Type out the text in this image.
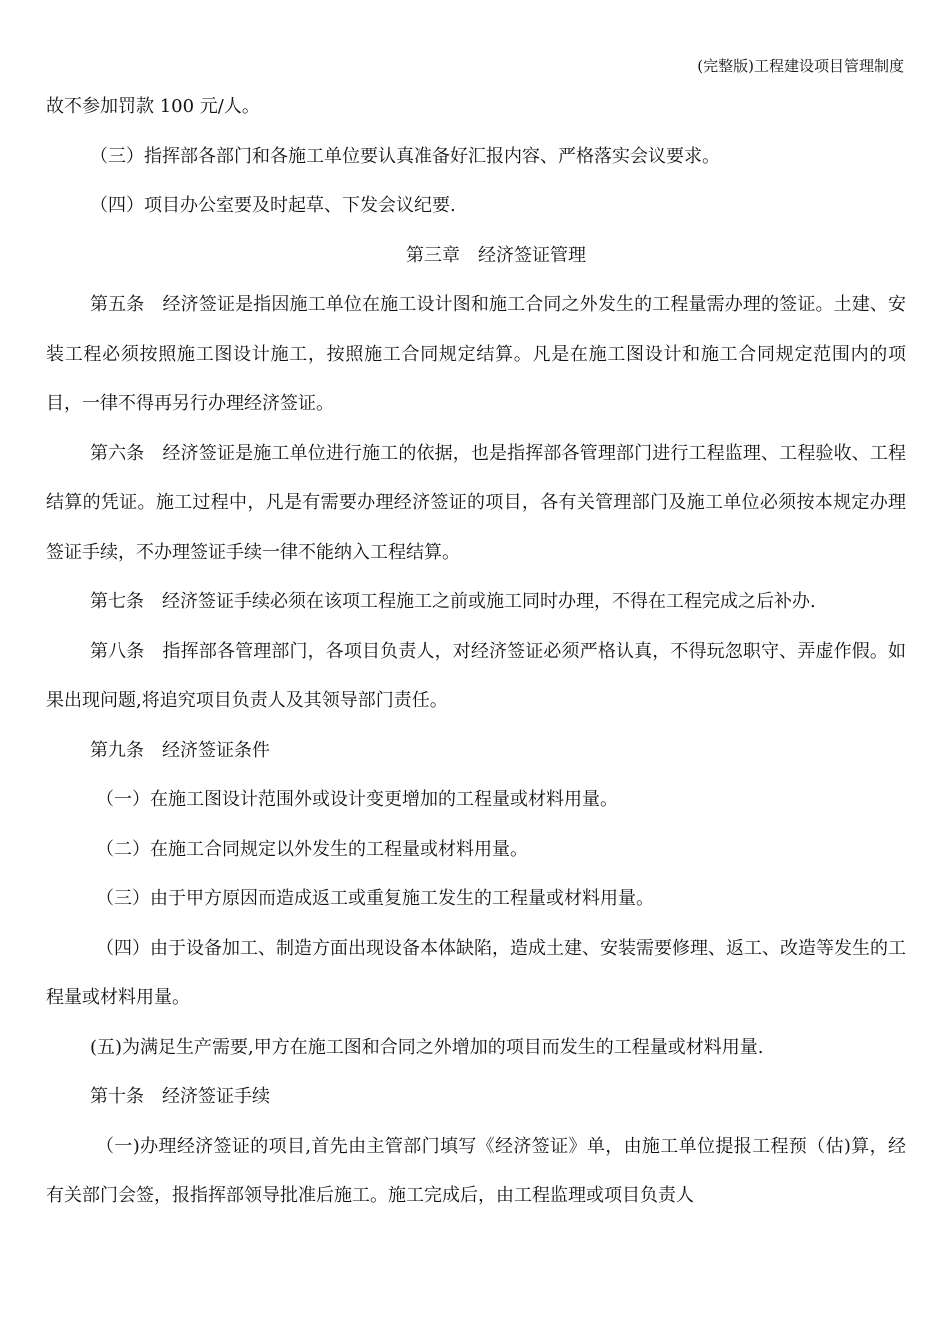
(完整版)工程建设项目管理制度

故不参加罚款 100 元/人。

（三）指挥部各部门和各施工单位要认真准备好汇报内容、严格落实会议要求。

（四）项目办公室要及时起草、下发会议纪要.

第三章　经济签证管理

第五条　经济签证是指因施工单位在施工设计图和施工合同之外发生的工程量需办理的签证。土建、安装工程必须按照施工图设计施工，按照施工合同规定结算。凡是在施工图设计和施工合同规定范围内的项目，一律不得再另行办理经济签证。

第六条　经济签证是施工单位进行施工的依据，也是指挥部各管理部门进行工程监理、工程验收、工程结算的凭证。施工过程中，凡是有需要办理经济签证的项目，各有关管理部门及施工单位必须按本规定办理签证手续，不办理签证手续一律不能纳入工程结算。

第七条　经济签证手续必须在该项工程施工之前或施工同时办理，不得在工程完成之后补办.

第八条　指挥部各管理部门，各项目负责人，对经济签证必须严格认真，不得玩忽职守、弄虚作假。如果出现问题,将追究项目负责人及其领导部门责任。

第九条　经济签证条件

（一）在施工图设计范围外或设计变更增加的工程量或材料用量。

（二）在施工合同规定以外发生的工程量或材料用量。

（三）由于甲方原因而造成返工或重复施工发生的工程量或材料用量。

（四）由于设备加工、制造方面出现设备本体缺陷，造成土建、安装需要修理、返工、改造等发生的工程量或材料用量。

(五)为满足生产需要,甲方在施工图和合同之外增加的项目而发生的工程量或材料用量.

第十条　经济签证手续

（一)办理经济签证的项目,首先由主管部门填写《经济签证》单，由施工单位提报工程预（估)算，经有关部门会签，报指挥部领导批准后施工。施工完成后，由工程监理或项目负责人
